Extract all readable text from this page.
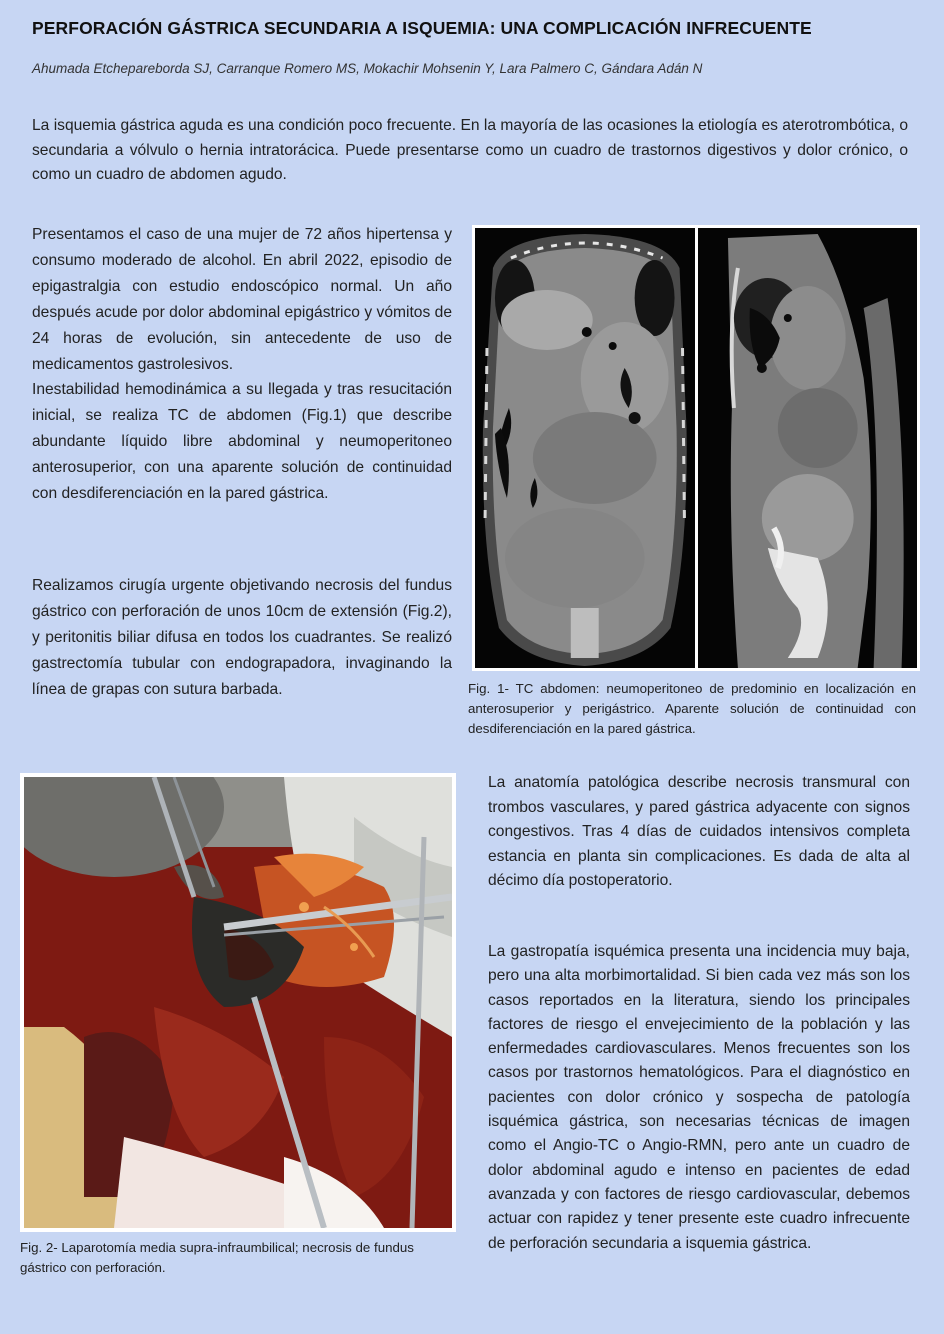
PERFORACIÓN GÁSTRICA SECUNDARIA A ISQUEMIA: UNA COMPLICACIÓN INFRECUENTE
Ahumada Etchepareborda SJ, Carranque Romero MS, Mokachir Mohsenin Y, Lara Palmero C, Gándara Adán N

La isquemia gástrica aguda es una condición poco frecuente. En la mayoría de las ocasiones la etiología es aterotrombótica, o secundaria a vólvulo o hernia intratorácica. Puede presentarse como un cuadro de trastornos digestivos y dolor crónico, o como un cuadro de abdomen agudo.

Presentamos el caso de una mujer de 72 años hipertensa y consumo moderado de alcohol. En abril 2022, episodio de epigastralgia con estudio endoscópico normal. Un año después acude por dolor abdominal epigástrico y vómitos de 24 horas de evolución, sin antecedente de uso de medicamentos gastrolesivos.

Inestabilidad hemodinámica a su llegada y tras resucitación inicial, se realiza TC de abdomen (Fig.1) que describe abundante líquido libre abdominal y neumoperitoneo anterosuperior, con una aparente solución de continuidad con desdiferenciación en la pared gástrica.

Realizamos cirugía urgente objetivando necrosis del fundus gástrico con perforación de unos 10cm de extensión (Fig.2), y peritonitis biliar difusa en todos los cuadrantes. Se realizó gastrectomía tubular con endograpadora, invaginando la línea de grapas con sutura barbada.	Fig. 1- TC abdomen: neumoperitoneo de predominio en localización en anterosuperior y perigástrico. Aparente solución de continuidad con desdiferenciación en la pared gástrica.
Fig. 2- Laparotomía media supra-infraumbilical; necrosis de fundus gástrico con perforación.

La anatomía patológica describe necrosis transmural con trombos vasculares, y pared gástrica adyacente con signos congestivos. Tras 4 días de cuidados intensivos completa estancia en planta sin complicaciones. Es dada de alta al décimo día postoperatorio.

La gastropatía isquémica presenta una incidencia muy baja, pero una alta morbimortalidad. Si bien cada vez más son los casos reportados en la literatura, siendo los principales factores de riesgo el envejecimiento de la población y las enfermedades cardiovasculares. Menos frecuentes son los casos por trastornos hematológicos. Para el diagnóstico en pacientes con dolor crónico y sospecha de patología isquémica gástrica, son necesarias técnicas de imagen como el Angio-TC o Angio-RMN, pero ante un cuadro de dolor abdominal agudo e intenso en pacientes de edad avanzada y con factores de riesgo cardiovascular, debemos actuar con rapidez y tener presente este cuadro infrecuente de perforación secundaria a isquemia gástrica.
